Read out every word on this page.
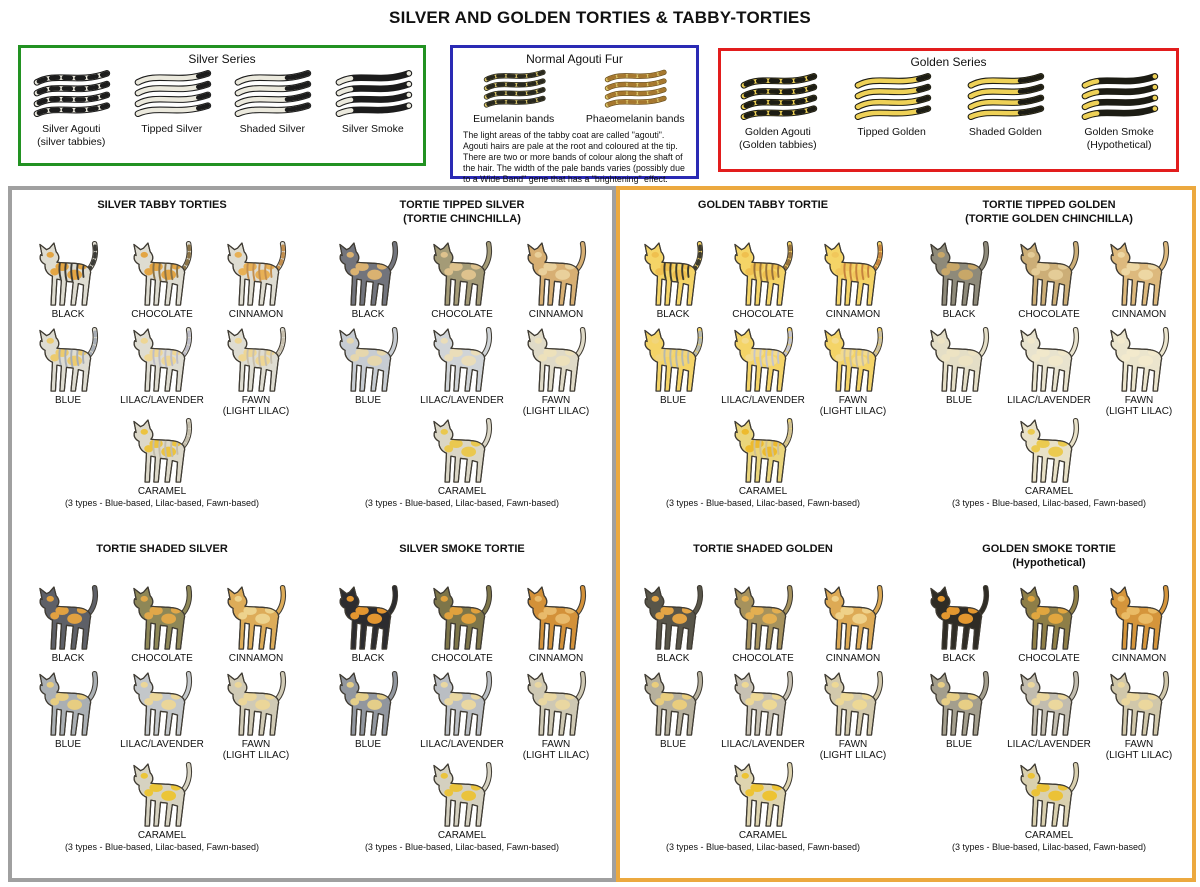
SILVER AND GOLDEN TORTIES & TABBY-TORTIES
Silver Series
Silver Agouti
(silver tabbies)
Tipped Silver	Shaded Silver	Silver Smoke
Normal Agouti Fur
Eumelanin bands	Phaeomelanin bands

The light areas of the tabby coat are called "agouti". Agouti hairs are pale at the root and coloured at the tip. There are two or more bands of colour along the shaft of the hair. The width of the pale bands varies (possibly due to a Wide Band" gene that has a "brightening" effect.

Golden Series
Golden Agouti
(Golden tabbies)
Tipped Golden	Shaded Golden	Golden Smoke
(Hypothetical)
SILVER TABBY TORTIES
BLACK	CHOCOLATE	CINNAMON
BLUE	LILAC/LAVENDER	FAWN
(LIGHT LILAC)
CARAMEL
(3 types - Blue-based, Lilac-based, Fawn-based)
TORTIE TIPPED SILVER
(TORTIE CHINCHILLA)
BLACK	CHOCOLATE	CINNAMON
BLUE	LILAC/LAVENDER	FAWN
(LIGHT LILAC)
CARAMEL
(3 types - Blue-based, Lilac-based, Fawn-based)
TORTIE SHADED SILVER
BLACK	CHOCOLATE	CINNAMON
BLUE	LILAC/LAVENDER	FAWN
(LIGHT LILAC)
CARAMEL
(3 types - Blue-based, Lilac-based, Fawn-based)
SILVER SMOKE TORTIE
BLACK	CHOCOLATE	CINNAMON
BLUE	LILAC/LAVENDER	FAWN
(LIGHT LILAC)
CARAMEL
(3 types - Blue-based, Lilac-based, Fawn-based)
GOLDEN TABBY TORTIE
BLACK	CHOCOLATE	CINNAMON
BLUE	LILAC/LAVENDER	FAWN
(LIGHT LILAC)
CARAMEL
(3 types - Blue-based, Lilac-based, Fawn-based)
TORTIE TIPPED GOLDEN
(TORTIE GOLDEN CHINCHILLA)
BLACK	CHOCOLATE	CINNAMON
BLUE	LILAC/LAVENDER	FAWN
(LIGHT LILAC)
CARAMEL
(3 types - Blue-based, Lilac-based, Fawn-based)
TORTIE SHADED GOLDEN
BLACK	CHOCOLATE	CINNAMON
BLUE	LILAC/LAVENDER	FAWN
(LIGHT LILAC)
CARAMEL
(3 types - Blue-based, Lilac-based, Fawn-based)
GOLDEN SMOKE TORTIE
(Hypothetical)
BLACK	CHOCOLATE	CINNAMON
BLUE	LILAC/LAVENDER	FAWN
(LIGHT LILAC)
CARAMEL
(3 types - Blue-based, Lilac-based, Fawn-based)
